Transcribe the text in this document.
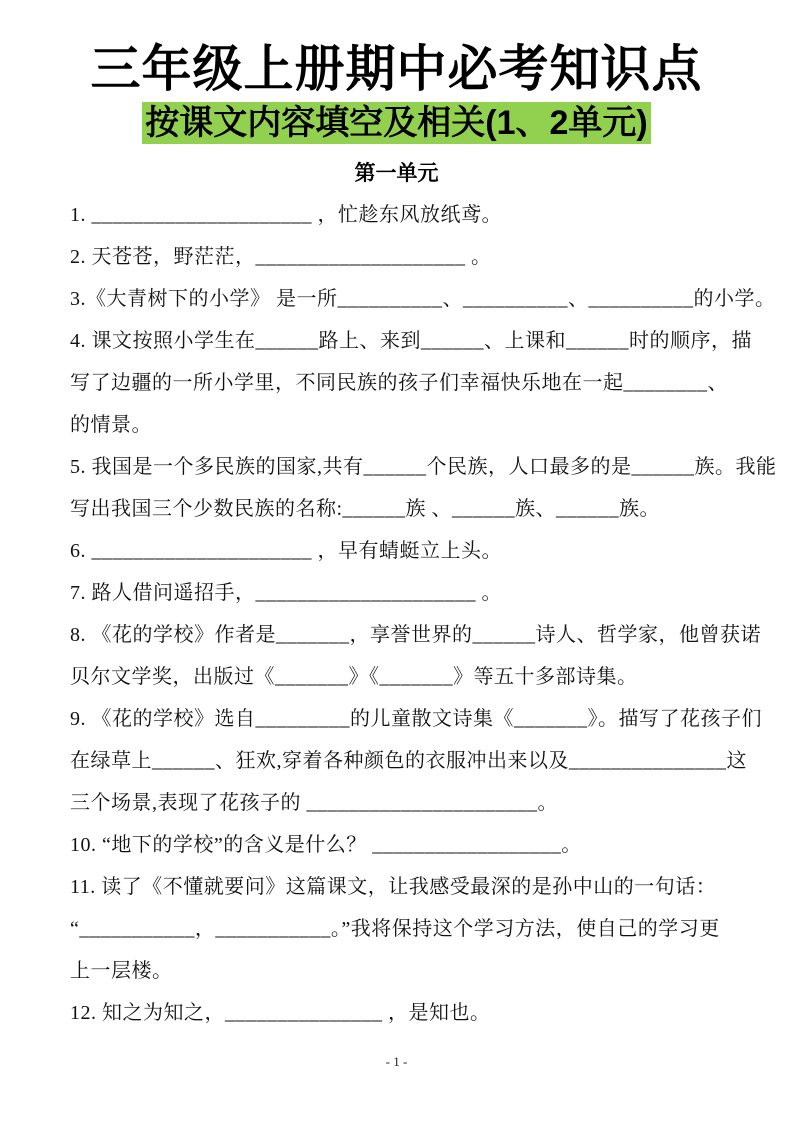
三年级上册期中必考知识点
按课文内容填空及相关(1、2单元)
第一单元
1. _____________________ ，忙趁东风放纸鸢。
2. 天苍苍，野茫茫，____________________ 。
3.《大青树下的小学》 是一所__________、__________、__________的小学。
4. 课文按照小学生在______路上、来到______、上课和______时的顺序，描
写了边疆的一所小学里，不同民族的孩子们幸福快乐地在一起________、
的情景。
5. 我国是一个多民族的国家,共有______个民族，人口最多的是______族。我能
写出我国三个少数民族的名称:______族 、______族、______族。
6. _____________________ ，早有蜻蜓立上头。
7. 路人借问遥招手，_____________________ 。
8. 《花的学校》作者是_______，享誉世界的______诗人、哲学家，他曾获诺
贝尔文学奖，出版过《_______》《_______》等五十多部诗集。
9. 《花的学校》选自_________的儿童散文诗集《_______》。描写了花孩子们
在绿草上______、狂欢,穿着各种颜色的衣服冲出来以及_______________这
三个场景,表现了花孩子的 ______________________。
10. “地下的学校”的含义是什么？ __________________。
11. 读了《不懂就要问》这篇课文，让我感受最深的是孙中山的一句话：
“___________，___________。”我将保持这个学习方法，使自己的学习更
上一层楼。
12. 知之为知之，_______________ ，是知也。
- 1 -
